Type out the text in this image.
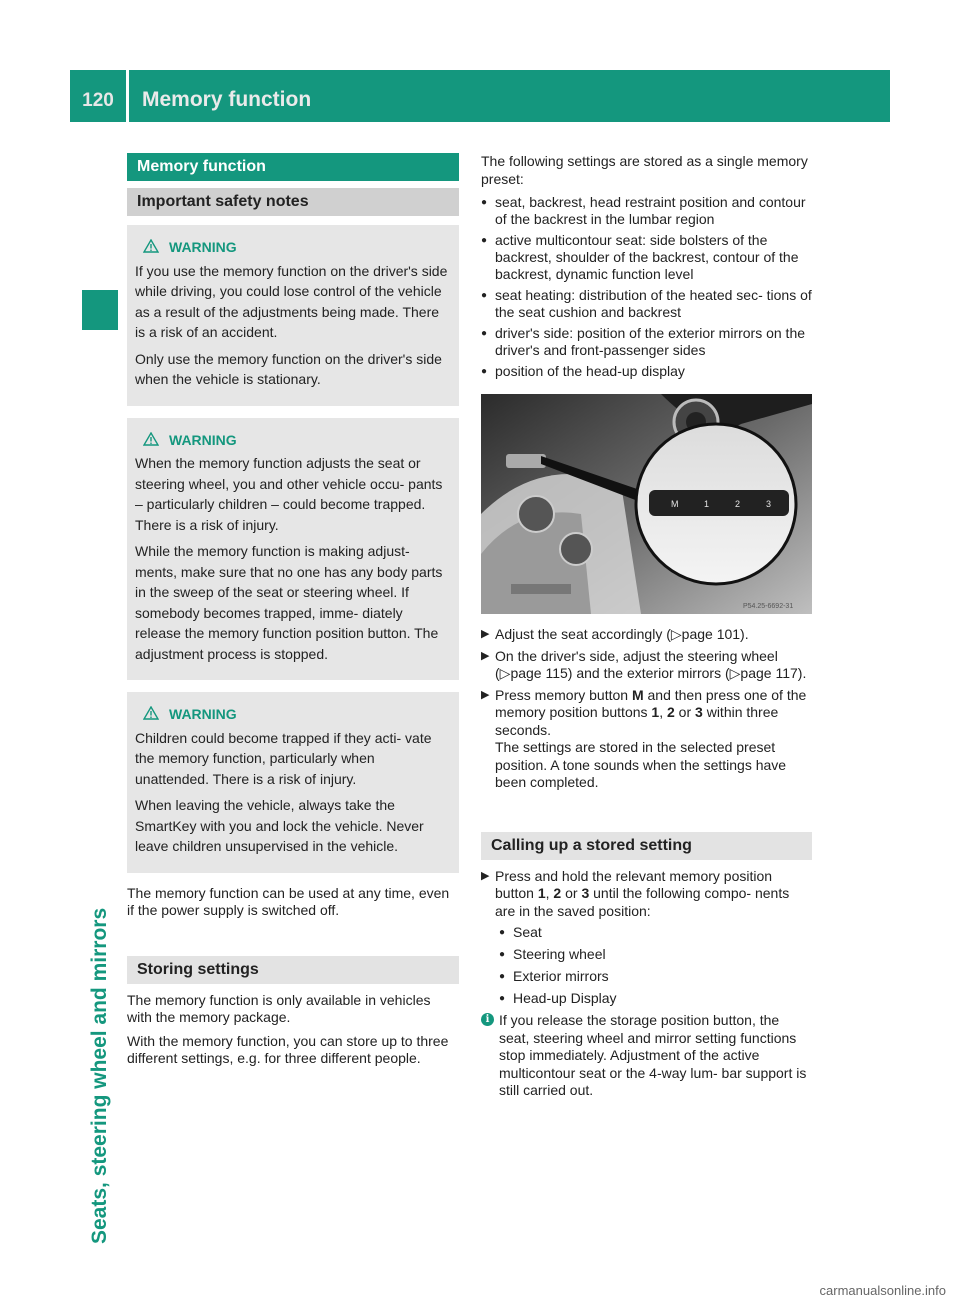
120	Memory function
Seats, steering wheel and mirrors
Memory function
Important safety notes
WARNING

If you use the memory function on the driver's side while driving, you could lose control of the vehicle as a result of the adjustments being made. There is a risk of an accident.

Only use the memory function on the driver's side when the vehicle is stationary.

WARNING

When the memory function adjusts the seat or steering wheel, you and other vehicle occu- pants – particularly children – could become trapped. There is a risk of injury.

While the memory function is making adjust- ments, make sure that no one has any body parts in the sweep of the seat or steering wheel. If somebody becomes trapped, imme- diately release the memory function position button. The adjustment process is stopped.

WARNING

Children could become trapped if they acti- vate the memory function, particularly when unattended. There is a risk of injury.

When leaving the vehicle, always take the SmartKey with you and lock the vehicle. Never leave children unsupervised in the vehicle.

The memory function can be used at any time, even if the power supply is switched off.

Storing settings

The memory function is only available in vehicles with the memory package.

With the memory function, you can store up to three different settings, e.g. for three different people.

The following settings are stored as a single memory preset:

● seat, backrest, head restraint position and contour of the backrest in the lumbar region
● active multicontour seat: side bolsters of the backrest, shoulder of the backrest, contour of the backrest, dynamic function level
● seat heating: distribution of the heated sec- tions of the seat cushion and backrest
● driver's side: position of the exterior mirrors on the driver's and front-passenger sides
● position of the head-up display
M	1	2	3
P54.25-6692-31
▶ Adjust the seat accordingly (▷page 101).
▶ On the driver's side, adjust the steering wheel (▷page 115) and the exterior mirrors (▷page 117).
▶ Press memory button M and then press one of the memory position buttons 1, 2 or 3 within three seconds.
The settings are stored in the selected preset position. A tone sounds when the settings have been completed.
Calling up a stored setting
▶ Press and hold the relevant memory position button 1, 2 or 3 until the following compo- nents are in the saved position:
● Seat
● Steering wheel
● Exterior mirrors
● Head-up Display
i If you release the storage position button, the seat, steering wheel and mirror setting functions stop immediately. Adjustment of the active multicontour seat or the 4-way lum- bar support is still carried out.
carmanualsonline.info
